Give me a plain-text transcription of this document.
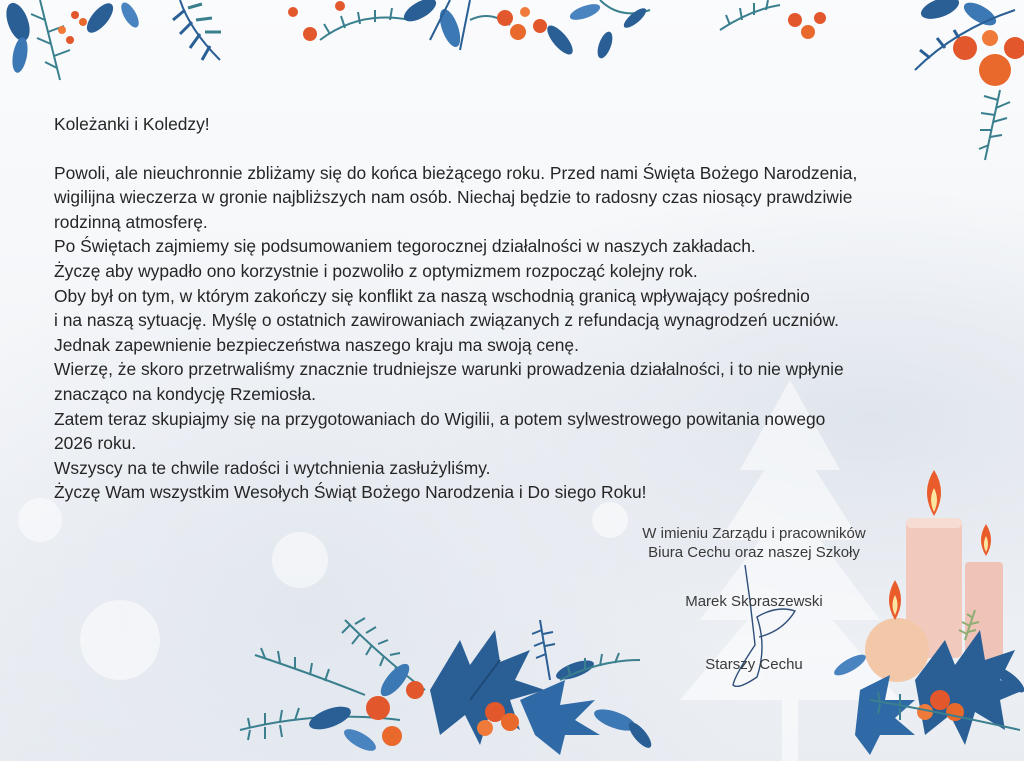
Koleżanki i Koledzy!

Powoli, ale nieuchronnie zbliżamy się do końca bieżącego roku. Przed nami Święta Bożego Narodzenia,

wigilijna wieczerza w gronie najbliższych nam osób. Niechaj będzie to radosny czas niosący prawdziwie

rodzinną atmosferę.

Po Świętach zajmiemy się podsumowaniem tegorocznej działalności w naszych zakładach.

Życzę aby wypadło ono korzystnie i pozwoliło z optymizmem rozpocząć kolejny rok.

Oby był on tym, w którym zakończy się konflikt za naszą wschodnią granicą wpływający pośrednio

i na naszą sytuację. Myślę o ostatnich zawirowaniach związanych z refundacją wynagrodzeń uczniów.

Jednak zapewnienie bezpieczeństwa naszego kraju ma swoją cenę.

Wierzę, że skoro przetrwaliśmy znacznie trudniejsze warunki prowadzenia działalności, i to nie wpłynie

znacząco na kondycję Rzemiosła.

Zatem teraz skupiajmy się na przygotowaniach do Wigilii, a potem sylwestrowego powitania nowego

2026 roku.

Wszyscy na te chwile radości i wytchnienia zasłużyliśmy.

Życzę Wam wszystkim Wesołych Świąt Bożego Narodzenia i Do siego Roku!

W imieniu Zarządu i pracowników
Biura Cechu oraz naszej Szkoły
Marek Skoraszewski
Starszy Cechu
